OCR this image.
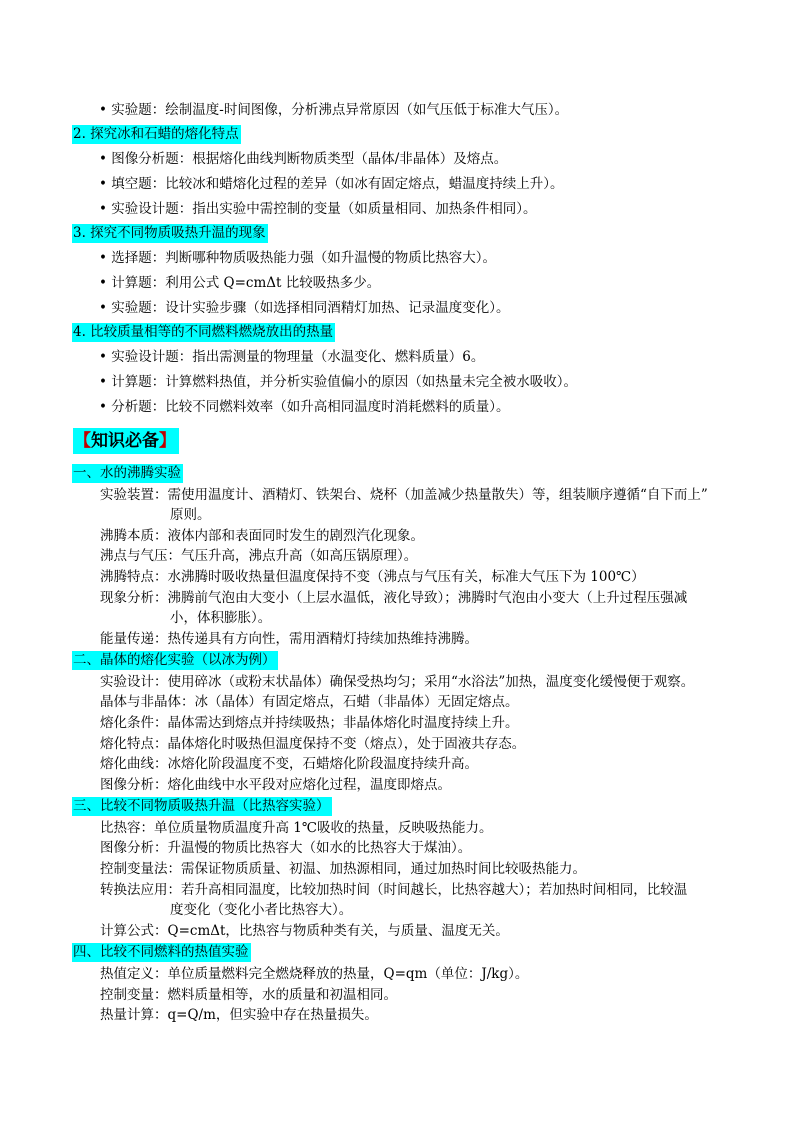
• 实验题：绘制温度-时间图像，分析沸点异常原因（如气压低于标准大气压）。
2. 探究冰和石蜡的熔化特点
• 图像分析题：根据熔化曲线判断物质类型（晶体/非晶体）及熔点。
• 填空题：比较冰和蜡熔化过程的差异（如冰有固定熔点，蜡温度持续上升）。
• 实验设计题：指出实验中需控制的变量（如质量相同、加热条件相同）。
3. 探究不同物质吸热升温的现象
• 选择题：判断哪种物质吸热能力强（如升温慢的物质比热容大）。
• 计算题：利用公式 Q=cmΔt 比较吸热多少。
• 实验题：设计实验步骤（如选择相同酒精灯加热、记录温度变化）。
4. 比较质量相等的不同燃料燃烧放出的热量
• 实验设计题：指出需测量的物理量（水温变化、燃料质量）6。
• 计算题：计算燃料热值，并分析实验值偏小的原因（如热量未完全被水吸收）。
• 分析题：比较不同燃料效率（如升高相同温度时消耗燃料的质量）。
【知识必备】
一、水的沸腾实验
实验装置：需使用温度计、酒精灯、铁架台、烧杯（加盖减少热量散失）等，组装顺序遵循“自下而上”
原则。
沸腾本质：液体内部和表面同时发生的剧烈汽化现象。
沸点与气压：气压升高，沸点升高（如高压锅原理）。
沸腾特点：水沸腾时吸收热量但温度保持不变（沸点与气压有关，标准大气压下为 100℃）
现象分析：沸腾前气泡由大变小（上层水温低，液化导致）；沸腾时气泡由小变大（上升过程压强减
小，体积膨胀）。
能量传递：热传递具有方向性，需用酒精灯持续加热维持沸腾。
二、晶体的熔化实验（以冰为例）
实验设计：使用碎冰（或粉末状晶体）确保受热均匀；采用“水浴法”加热，温度变化缓慢便于观察。
晶体与非晶体：冰（晶体）有固定熔点，石蜡（非晶体）无固定熔点。
熔化条件：晶体需达到熔点并持续吸热；非晶体熔化时温度持续上升。
熔化特点：晶体熔化时吸热但温度保持不变（熔点），处于固液共存态。
熔化曲线：冰熔化阶段温度不变，石蜡熔化阶段温度持续升高。
图像分析：熔化曲线中水平段对应熔化过程，温度即熔点。
三、比较不同物质吸热升温（比热容实验）
比热容：单位质量物质温度升高 1℃吸收的热量，反映吸热能力。
图像分析：升温慢的物质比热容大（如水的比热容大于煤油）。
控制变量法：需保证物质质量、初温、加热源相同，通过加热时间比较吸热能力。
转换法应用：若升高相同温度，比较加热时间（时间越长，比热容越大）；若加热时间相同，比较温
度变化（变化小者比热容大）。
计算公式：Q=cmΔt，比热容与物质种类有关，与质量、温度无关。
四、比较不同燃料的热值实验
热值定义：单位质量燃料完全燃烧释放的热量，Q=qm（单位：J/kg）。
控制变量：燃料质量相等，水的质量和初温相同。
热量计算：q=Q/m，但实验中存在热量损失。
